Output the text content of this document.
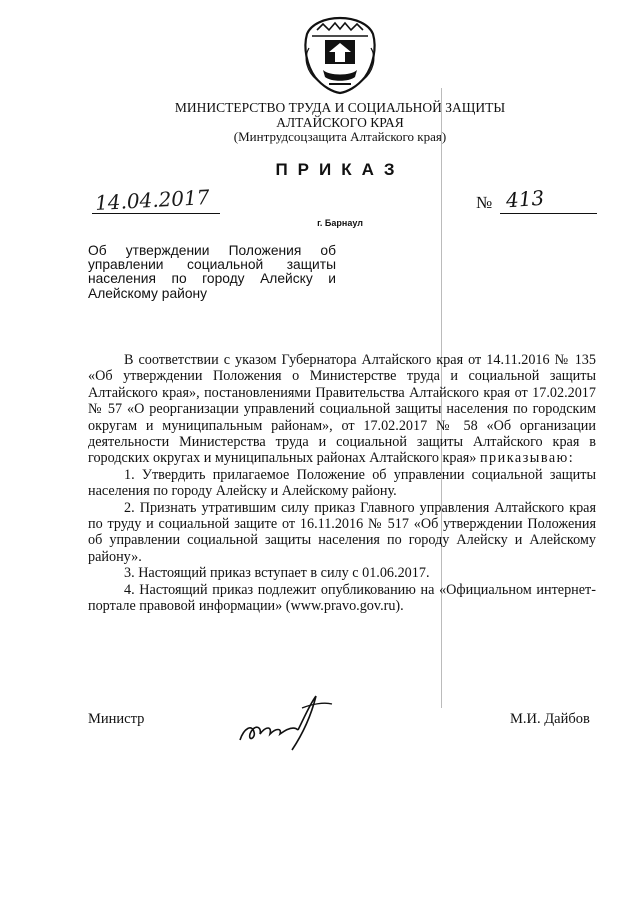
МИНИСТЕРСТВО ТРУДА И СОЦИАЛЬНОЙ ЗАЩИТЫ
АЛТАЙСКОГО КРАЯ
(Минтрудсоцзащита Алтайского края)
ПРИКАЗ
14.04.2017	№ 413
г. Барнаул
Об утверждении Положения об управлении социальной защиты населения по городу Алейску и Алейскому району

В соответствии с указом Губернатора Алтайского края от 14.11.2016 № 135 «Об утверждении Положения о Министерстве труда и социальной защиты Алтайского края», постановлениями Правительства Алтайского края от 17.02.2017 № 57 «О реорганизации управлений социальной защиты населения по городским округам и муниципальным районам», от 17.02.2017 № 58 «Об организации деятельности Министерства труда и социальной защиты Алтайского края в городских округах и муниципальных районах Алтайского края» приказываю:

1. Утвердить прилагаемое Положение об управлении социальной защиты населения по городу Алейску и Алейскому району.

2. Признать утратившим силу приказ Главного управления Алтайского края по труду и социальной защите от 16.11.2016 № 517 «Об утверждении Положения об управлении социальной защиты населения по городу Алейску и Алейскому району».

3. Настоящий приказ вступает в силу с 01.06.2017.

4. Настоящий приказ подлежит опубликованию на «Официальном интернет-портале правовой информации» (www.pravo.gov.ru).

Министр	М.И. Дайбов
